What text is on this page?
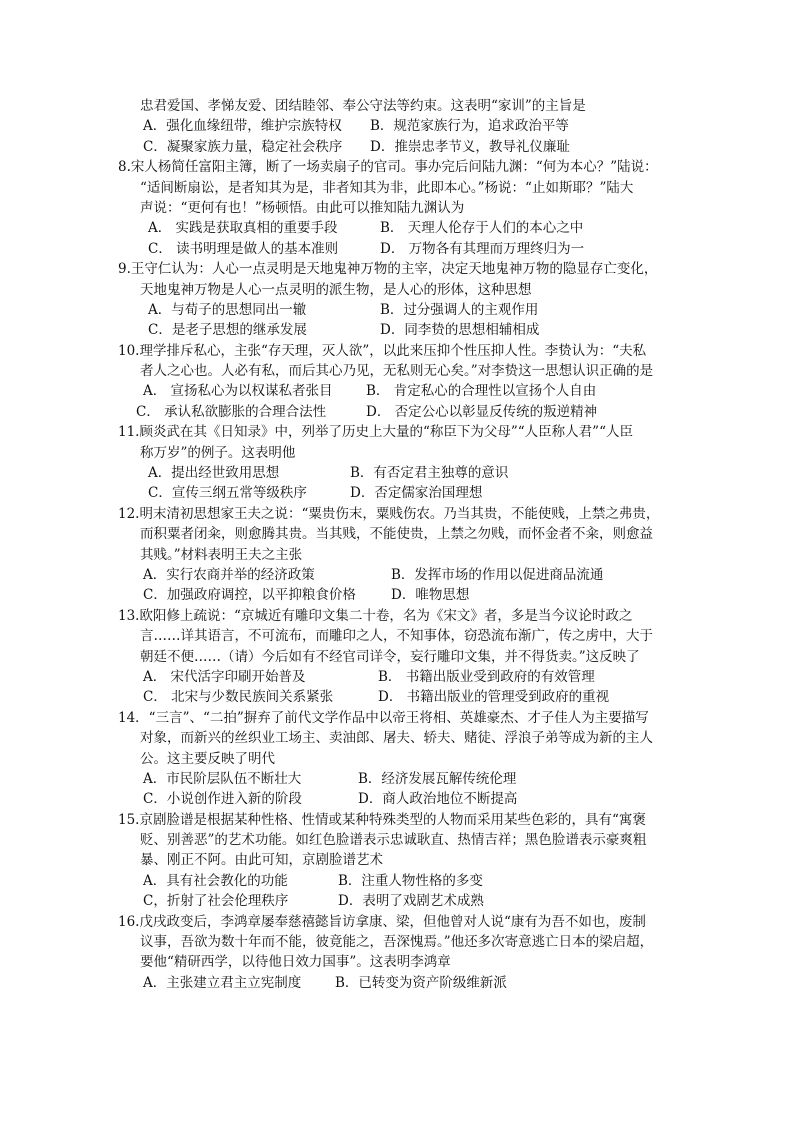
忠君爱国、孝悌友爱、团结睦邻、奉公守法等约束。这表明“家训”的主旨是
A．强化血缘纽带，维护宗族特权	B．规范家族行为，追求政治平等
C．凝聚家族力量，稳定社会秩序	D．推崇忠孝节义，教导礼仪廉耻
8.宋人杨简任富阳主簿，断了一场卖扇子的官司。事办完后问陆九渊：“何为本心？”陆说：
“适间断扇讼，是者知其为是，非者知其为非，此即本心。”杨说：“止如斯耶？”陆大
声说：“更何有也！”杨顿悟。由此可以推知陆九渊认为
A． 实践是获取真相的重要手段	B． 天理人伦存于人们的本心之中
C． 读书明理是做人的基本准则	D． 万物各有其理而万理终归为一
9.王守仁认为：人心一点灵明是天地鬼神万物的主宰，决定天地鬼神万物的隐显存亡变化，
天地鬼神万物是人心一点灵明的派生物，是人心的形体，这种思想
A．与荀子的思想同出一辙	B．过分强调人的主观作用
C．是老子思想的继承发展	D．同李贽的思想相辅相成
10.理学排斥私心，主张“存天理，灭人欲”，以此来压抑个性压抑人性。李贽认为：“夫私
者人之心也。人必有私，而后其心乃见，无私则无心矣。”对李贽这一思想认识正确的是
A． 宣扬私心为以权谋私者张目	B． 肯定私心的合理性以宣扬个人自由
C． 承认私欲膨胀的合理合法性	D． 否定公心以彰显反传统的叛逆精神
11.顾炎武在其《日知录》中，列举了历史上大量的“称臣下为父母”“人臣称人君”“人臣
称万岁”的例子。这表明他
A．提出经世致用思想	B．有否定君主独尊的意识
C．宣传三纲五常等级秩序	D．否定儒家治国理想
12.明末清初思想家王夫之说：“粟贵伤末，粟贱伤农。乃当其贵，不能使贱，上禁之弗贵，
而积粟者闭籴，则愈腾其贵。当其贱，不能使贵，上禁之勿贱，而怀金者不籴，则愈益
其贱。”材料表明王夫之主张
A．实行农商并举的经济政策	B．发挥市场的作用以促进商品流通
C．加强政府调控，以平抑粮食价格	D．唯物思想
13.欧阳修上疏说：“京城近有雕印文集二十卷，名为《宋文》者，多是当今议论时政之
言……详其语言，不可流布，而雕印之人，不知事体，窃恐流布渐广，传之虏中，大于
朝廷不便……（请）今后如有不经官司详令，妄行雕印文集，并不得货卖。”这反映了
A． 宋代活字印刷开始普及	B． 书籍出版业受到政府的有效管理
C． 北宋与少数民族间关系紧张	D． 书籍出版业的管理受到政府的重视
14．“三言”、“二拍”摒弃了前代文学作品中以帝王将相、英雄豪杰、才子佳人为主要描写
对象，而新兴的丝织业工场主、卖油郎、屠夫、轿夫、赌徒、浮浪子弟等成为新的主人
公。这主要反映了明代
A．市民阶层队伍不断壮大	B．经济发展瓦解传统伦理
C．小说创作进入新的阶段	D．商人政治地位不断提高
15.京剧脸谱是根据某种性格、性情或某种特殊类型的人物而采用某些色彩的，具有“寓褒
贬、别善恶”的艺术功能。如红色脸谱表示忠诚耿直、热情吉祥；黑色脸谱表示豪爽粗
暴、刚正不阿。由此可知，京剧脸谱艺术
A．具有社会教化的功能	B．注重人物性格的多变
C，折射了社会伦理秩序	D．表明了戏剧艺术成熟
16.戊戌政变后，李鸿章屡奉慈禧懿旨访拿康、梁，但他曾对人说“康有为吾不如也，废制
议事，吾欲为数十年而不能，彼竟能之，吾深愧焉。”他还多次寄意逃亡日本的梁启超，
要他“精研西学，以待他日效力国事”。这表明李鸿章
A．主张建立君主立宪制度	B．已转变为资产阶级维新派
